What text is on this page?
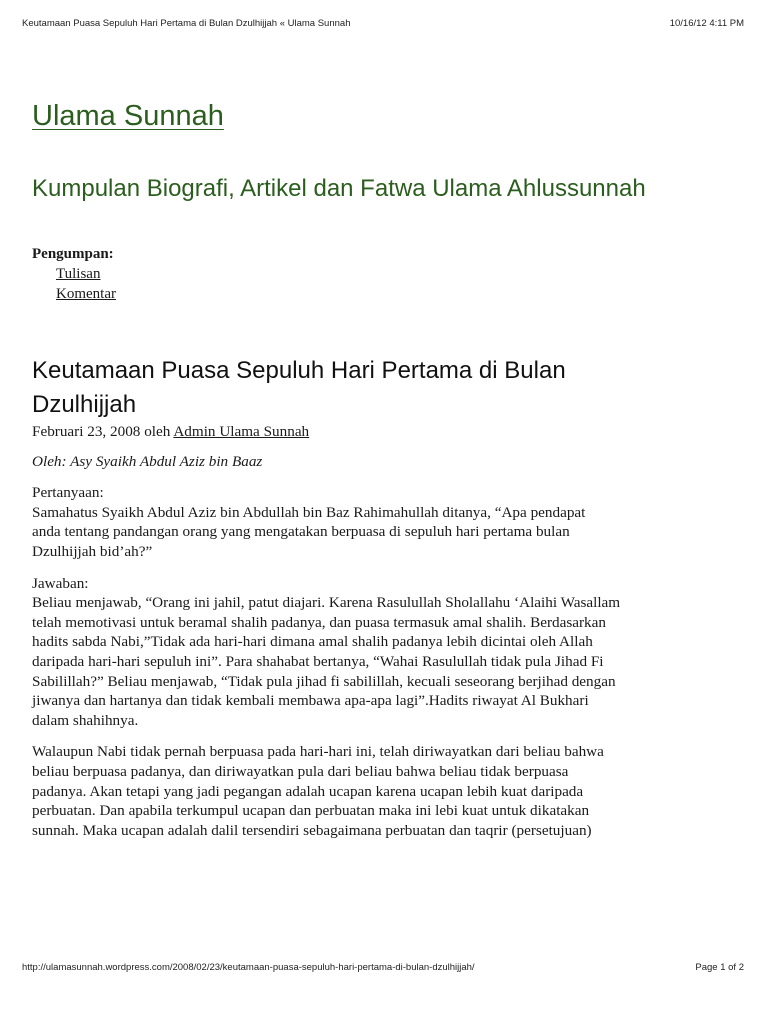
Keutamaan Puasa Sepuluh Hari Pertama di Bulan Dzulhijjah « Ulama Sunnah	10/16/12 4:11 PM
Ulama Sunnah
Kumpulan Biografi, Artikel dan Fatwa Ulama Ahlussunnah
Pengumpan:
Tulisan
Komentar
Keutamaan Puasa Sepuluh Hari Pertama di Bulan Dzulhijjah

Februari 23, 2008 oleh Admin Ulama Sunnah

Oleh: Asy Syaikh Abdul Aziz bin Baaz

Pertanyaan:
Samahatus Syaikh Abdul Aziz bin Abdullah bin Baz Rahimahullah ditanya, “Apa pendapat
anda tentang pandangan orang yang mengatakan berpuasa di sepuluh hari pertama bulan
Dzulhijjah bid’ah?”

Jawaban:
Beliau menjawab, “Orang ini jahil, patut diajari. Karena Rasulullah Sholallahu ‘Alaihi Wasallam
telah memotivasi untuk beramal shalih padanya, dan puasa termasuk amal shalih. Berdasarkan
hadits sabda Nabi,”Tidak ada hari-hari dimana amal shalih padanya lebih dicintai oleh Allah
daripada hari-hari sepuluh ini”. Para shahabat bertanya, “Wahai Rasulullah tidak pula Jihad Fi
Sabilillah?” Beliau menjawab, “Tidak pula jihad fi sabilillah, kecuali seseorang berjihad dengan
jiwanya dan hartanya dan tidak kembali membawa apa-apa lagi”.Hadits riwayat Al Bukhari
dalam shahihnya.

Walaupun Nabi tidak pernah berpuasa pada hari-hari ini, telah diriwayatkan dari beliau bahwa
beliau berpuasa padanya, dan diriwayatkan pula dari beliau bahwa beliau tidak berpuasa
padanya. Akan tetapi yang jadi pegangan adalah ucapan karena ucapan lebih kuat daripada
perbuatan. Dan apabila terkumpul ucapan dan perbuatan maka ini lebi kuat untuk dikatakan
sunnah. Maka ucapan adalah dalil tersendiri sebagaimana perbuatan dan taqrir (persetujuan)

http://ulamasunnah.wordpress.com/2008/02/23/keutamaan-puasa-sepuluh-hari-pertama-di-bulan-dzulhijjah/	Page 1 of 2
